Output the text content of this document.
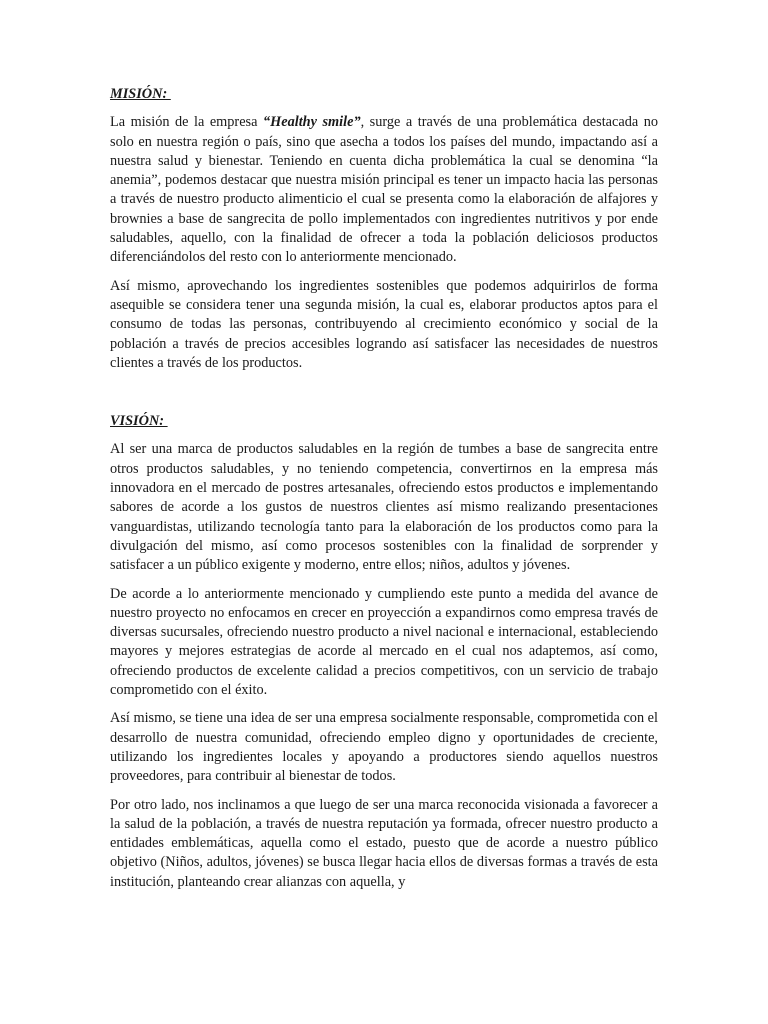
MISIÓN:

La misión de la empresa “Healthy smile”, surge a través de una problemática destacada no solo en nuestra región o país, sino que asecha a todos los países del mundo, impactando así a nuestra salud y bienestar. Teniendo en cuenta dicha problemática la cual se denomina “la anemia”, podemos destacar que nuestra misión principal es tener un impacto hacia las personas a través de nuestro producto alimenticio el cual se presenta como la elaboración de alfajores y brownies a base de sangrecita de pollo implementados con ingredientes nutritivos y por ende saludables, aquello, con la finalidad de ofrecer a toda la población deliciosos productos diferenciándolos del resto con lo anteriormente mencionado.

Así mismo, aprovechando los ingredientes sostenibles que podemos adquirirlos de forma asequible se considera tener una segunda misión, la cual es, elaborar productos aptos para el consumo de todas las personas, contribuyendo al crecimiento económico y social de la población a través de precios accesibles logrando así satisfacer las necesidades de nuestros clientes a través de los productos.

VISIÓN:

Al ser una marca de productos saludables en la región de tumbes a base de sangrecita entre otros productos saludables, y no teniendo competencia, convertirnos en la empresa más innovadora en el mercado de postres artesanales, ofreciendo estos productos e implementando sabores de acorde a los gustos de nuestros clientes así mismo realizando presentaciones vanguardistas, utilizando tecnología tanto para la elaboración de los productos como para la divulgación del mismo, así como procesos sostenibles con la finalidad de sorprender y satisfacer a un público exigente y moderno, entre ellos; niños, adultos y jóvenes.

De acorde a lo anteriormente mencionado y cumpliendo este punto a medida del avance de nuestro proyecto no enfocamos en crecer en proyección a expandirnos como empresa través de diversas sucursales, ofreciendo nuestro producto a nivel nacional e internacional, estableciendo mayores y mejores estrategias de acorde al mercado en el cual nos adaptemos, así como, ofreciendo productos de excelente calidad a precios competitivos, con un servicio de trabajo comprometido con el éxito.

Así mismo, se tiene una idea de ser una empresa socialmente responsable, comprometida con el desarrollo de nuestra comunidad, ofreciendo empleo digno y oportunidades de creciente, utilizando los ingredientes locales y apoyando a productores siendo aquellos nuestros proveedores, para contribuir al bienestar de todos.

Por otro lado, nos inclinamos a que luego de ser una marca reconocida visionada a favorecer a la salud de la población, a través de nuestra reputación ya formada, ofrecer nuestro producto a entidades emblemáticas, aquella como el estado, puesto que de acorde a nuestro público objetivo (Niños, adultos, jóvenes) se busca llegar hacia ellos de diversas formas a través de esta institución, planteando crear alianzas con aquella, y
